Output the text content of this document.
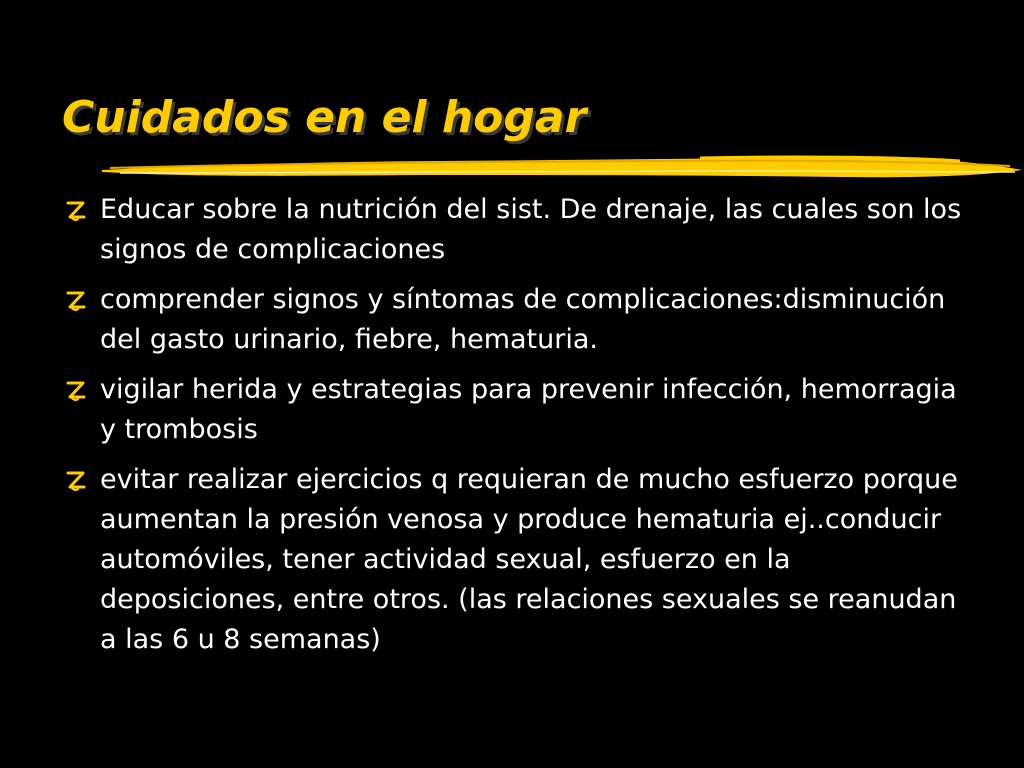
Cuidados en el hogar
Educar sobre la nutrición del sist. De drenaje, las cuales son los signos de complicaciones
comprender signos y síntomas de complicaciones:disminución del gasto urinario, fiebre, hematuria.
vigilar herida y estrategias para prevenir infección, hemorragia y trombosis
evitar realizar ejercicios q requieran de mucho esfuerzo porque aumentan la presión venosa y produce hematuria ej..conducir automóviles, tener actividad sexual, esfuerzo en la deposiciones, entre otros. (las relaciones sexuales se reanudan a las 6 u 8 semanas)
